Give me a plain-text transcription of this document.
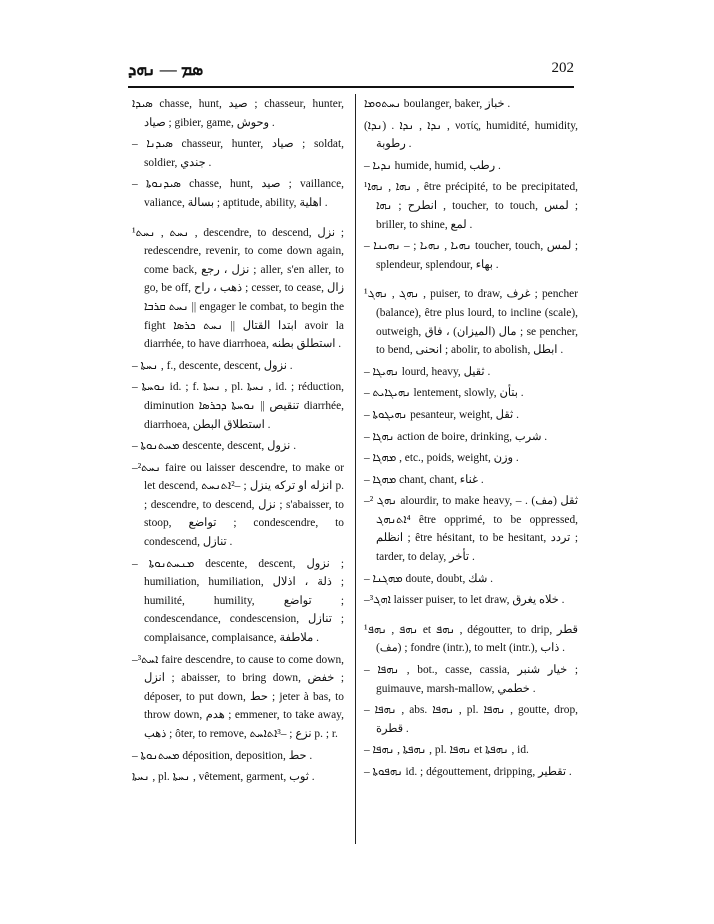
ܣܡ — ܢܗܕ	202

ܣܝܕܐ chasse, hunt, صيد ; chasseur, hunter, صياد ; gibier, game, وحوش .

– ܣܝܕܢܐ chasseur, hunter, صياد ; soldat, soldier, جندي .

– ܣܝܕܢܘܬܐ chasse, hunt, صيد ; vaillance, valiance, بسالة ; aptitude, ability, اهلية .

¹ܢܚܬ , ܢܚܬ , descendre, to descend, نزل ; redescendre, revenir, to come down again, come back, نزل ، رجع ; aller, s'en aller, to go, be off, ذهب ، راح ; cesser, to cease, زال || ܢܚܬ ܩܪܒܐ engager le combat, to begin the fight ابتدا القتال || ܢܚܬ ܟܪܣܐ avoir la diarrhée, to have diarrhoea, استطلق بطنه .

– ܢܚܬܐ , f., descente, descent, نزول .

– ܢܘܚܬܐ id. ; f. ܢܚܬܐ , pl. ܢܚܬܐ , id. ; réduction, diminution تنقيص || ܢܘܚܬܐ ܕܟܪܣܐ diarrhée, diarrhoea, استطلاق البطن .

– ܡܚܬܢܘܬܐ descente, descent, نزول .

–²ܢܚܬ faire ou laisser descendre, to make or let descend, انزله او تركه ينزل ; –²ܐܬܢܚܬ p. ; descendre, to descend, نزل ; s'abaisser, to stoop, تواضع ; condescendre, to condescend, تنازل .

– ܡܢܚܬܢܘܬܐ descente, descent, نزول ; humiliation, humiliation, ذلة ، اذلال ; humilité, humility, تواضع ; condescendance, condescension, تنازل ; complaisance, complaisance, ملاطفة .

–³ܐܚܬ faire descendre, to cause to come down, انزل ; abaisser, to bring down, خفض ; déposer, to put down, حط ; jeter à bas, to throw down, هدم ; emmener, to take away, ذهب ; ôter, to remove, نزع ; –³ܐܬܐܚܬ p. ; r.

– ܡܚܬܢܘܬܐ déposition, deposition, حط .

ܢܚܬܐ , pl. ܢܚܬܐ , vêtement, garment, ثوب .

ܢܚܬܘܡܐ boulanger, baker, خباز .

(ܢܕܐ) . ܢܕܐ , ܢܕܐ , νοτίς, humidité, humidity, رطوبة .

– ܢܕܝܐ humide, humid, رطب .

¹ܢܗܐ , ܢܗܐ , être précipité, to be precipitated, انطرح ; ܢܗܐ , toucher, to touch, لمس ; briller, to shine, لمع .

– ܢܗܝܐ , ܢܗܝܐ ; – ܢܗܝܢܐ toucher, touch, لمس ; splendeur, splendour, بهاء .

¹ܢܗܓ , ܢܗܓ , puiser, to draw, غرف ; pencher (balance), être plus lourd, to incline (scale), outweigh, مال (الميزان) ، فاق ; se pencher, to bend, انحنى ; abolir, to abolish, ابطل .

– ܢܗܝܓܐ lourd, heavy, ثقيل .

– ܢܗܝܓܐܝܬ lentement, slowly, بتأن .

– ܢܗܝܓܘܬܐ pesanteur, weight, ثقل .

– ܢܗܓܐ action de boire, drinking, شرب .

– ܡܗܓܐ , etc., poids, weight, وزن .

– ܡܗܓܐ chant, chant, غناء .

–² ܢܗܓ alourdir, to make heavy, ثقل (مف) . –⁴ܐܬܢܗܓ être opprimé, to be oppressed, انظلم ; être hésitant, to be hesitant, تردد ; tarder, to delay, تأخر .

– ܡܗܓܢܐ doute, doubt, شك .

–³ܐܗܓ laisser puiser, to let draw, خلاه يغرق .

¹ܢܗܦ , ܢܗܦ et ܢܗܦ , dégoutter, to drip, قطر (مف) ; fondre (intr.), to melt (intr.), ذاب .

– ܢܗܦܐ , bot., casse, cassia, خيار شنبر ; guimauve, marsh-mallow, خطمي .

– ܢܗܦܐ , abs. ܢܗܦܐ , pl. ܢܗܦܐ , goutte, drop, قطرة .

– ܢܗܦܬܐ , ܢܗܦܐ , pl. ܢܗܦܐ et ܢܗܦܬܐ , id.

– ܢܗܦܘܬܐ id. ; dégouttement, dripping, تقطير .
